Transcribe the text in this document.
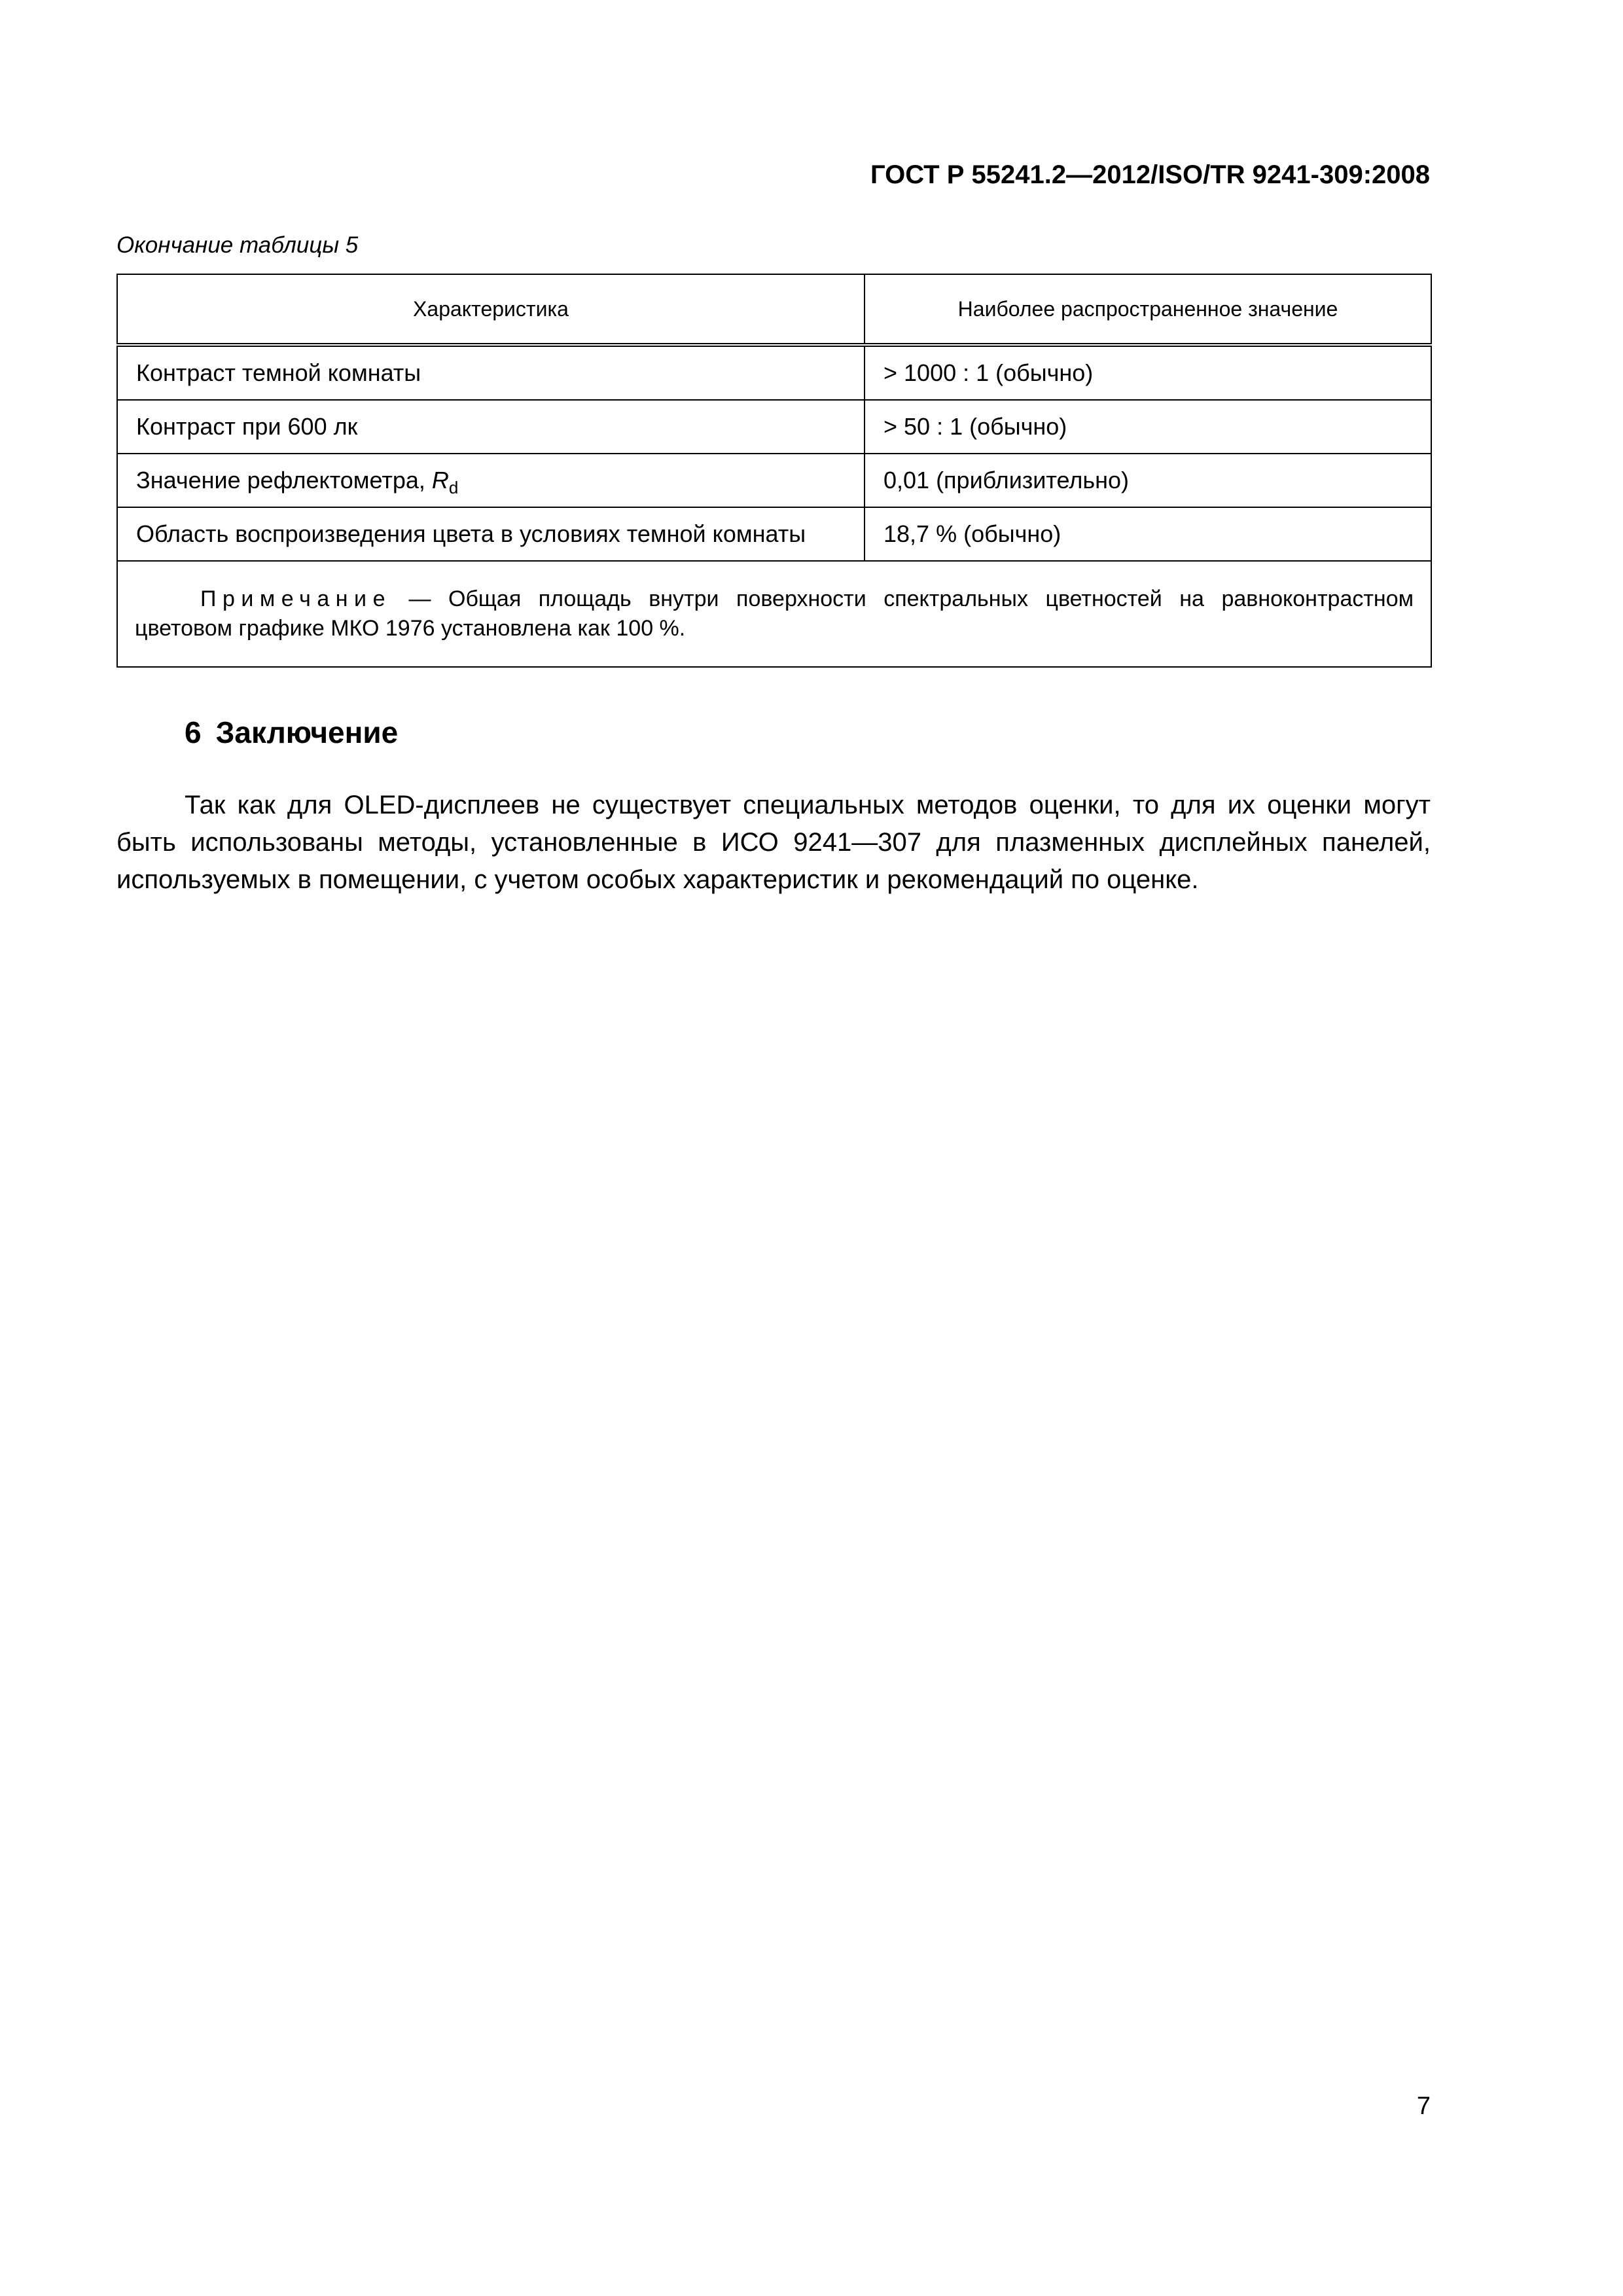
ГОСТ Р 55241.2—2012/ISO/TR 9241-309:2008
Окончание таблицы 5
Характеристика	Наиболее распространенное значение
Контраст темной комнаты	> 1000 : 1 (обычно)
Контраст при 600 лк	> 50 : 1 (обычно)
Значение рефлектометра, $R_d$	0,01 (приблизительно)
Область воспроизведения цвета в условиях темной комнаты	18,7 % (обычно)
Примечание — Общая площадь внутри поверхности спектральных цветностей на равноконтрастном цветовом графике МКО 1976 установлена как 100 %.	
6 Заключение
Так как для OLED-дисплеев не существует специальных методов оценки, то для их оценки могут
быть использованы методы, установленные в ИСО 9241—307 для плазменных дисплейных панелей,
используемых в помещении, с учетом особых характеристик и рекомендаций по оценке.
7
